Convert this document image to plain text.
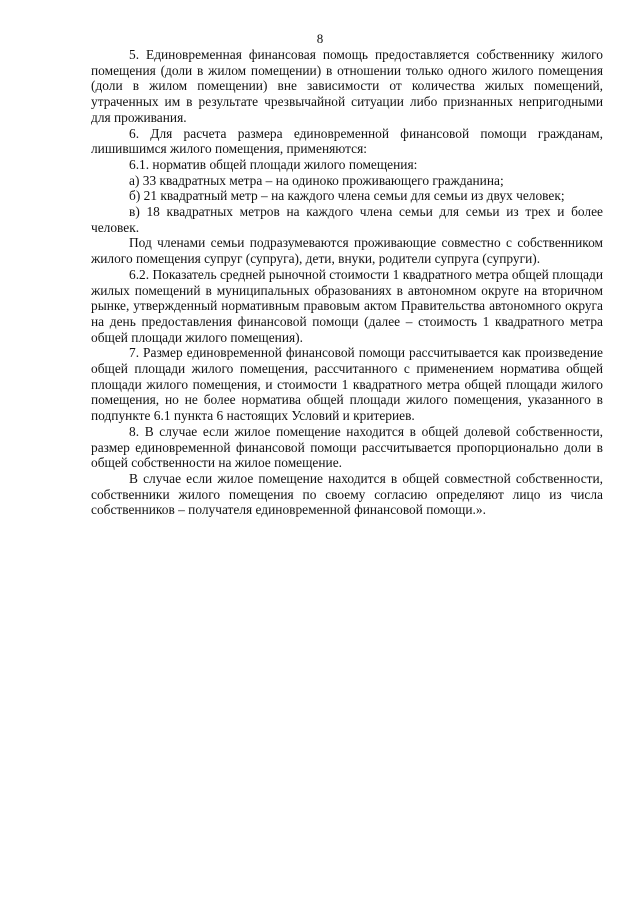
8

5. Единовременная финансовая помощь предоставляется собственнику жилого помещения (доли в жилом помещении) в отношении только одного жилого помещения (доли в жилом помещении) вне зависимости от количества жилых помещений, утраченных им в результате чрезвычайной ситуации либо признанных непригодными для проживания.

6. Для расчета размера единовременной финансовой помощи гражданам, лишившимся жилого помещения, применяются:

6.1. норматив общей площади жилого помещения:

а) 33 квадратных метра – на одиноко проживающего гражданина;

б) 21 квадратный метр – на каждого члена семьи для семьи из двух человек;

в) 18 квадратных метров на каждого члена семьи для семьи из трех и более человек.

Под членами семьи подразумеваются проживающие совместно с собственником жилого помещения супруг (супруга), дети, внуки, родители супруга (супруги).

6.2. Показатель средней рыночной стоимости 1 квадратного метра общей площади жилых помещений в муниципальных образованиях в автономном округе на вторичном рынке, утвержденный нормативным правовым актом Правительства автономного округа на день предоставления финансовой помощи (далее – стоимость 1 квадратного метра общей площади жилого помещения).

7. Размер единовременной финансовой помощи рассчитывается как произведение общей площади жилого помещения, рассчитанного с применением норматива общей площади жилого помещения, и стоимости 1 квадратного метра общей площади жилого помещения, но не более норматива общей площади жилого помещения, указанного в подпункте 6.1 пункта 6 настоящих Условий и критериев.

8. В случае если жилое помещение находится в общей долевой собственности, размер единовременной финансовой помощи рассчитывается пропорционально доли в общей собственности на жилое помещение.

В случае если жилое помещение находится в общей совместной собственности, собственники жилого помещения по своему согласию определяют лицо из числа собственников – получателя единовременной финансовой помощи.».
